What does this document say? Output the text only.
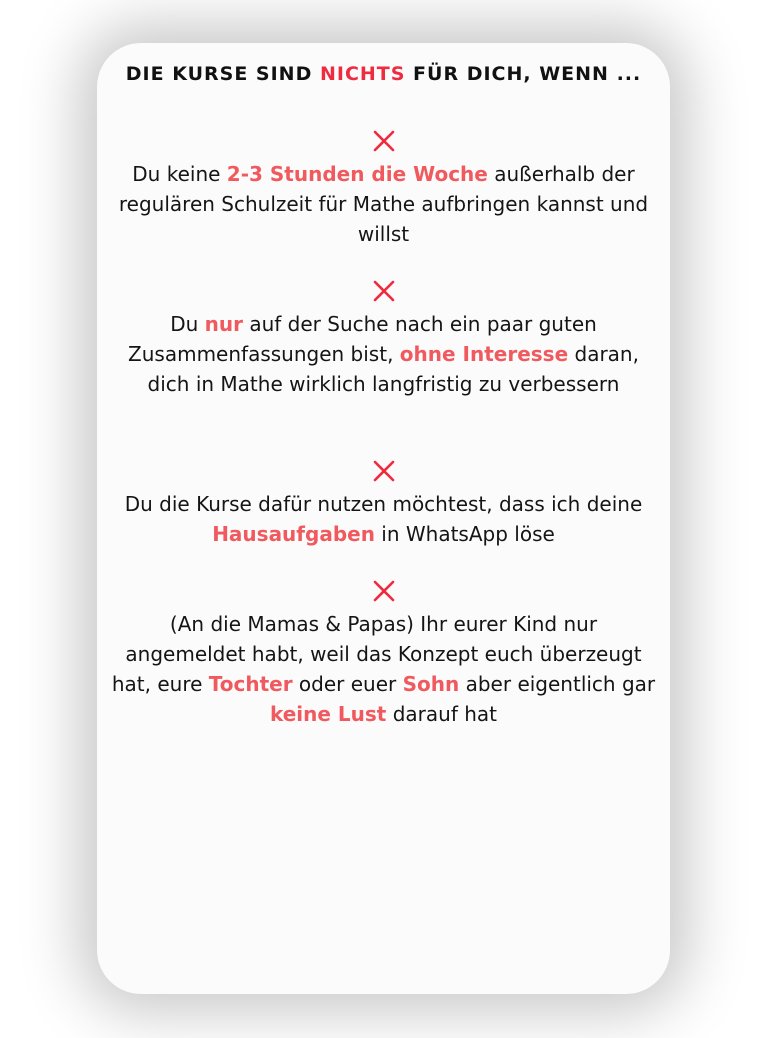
DIE KURSE SIND NICHTS FÜR DICH, WENN ...
Du keine 2-3 Stunden die Woche außerhalb der regulären Schulzeit für Mathe aufbringen kannst und willst
Du nur auf der Suche nach ein paar guten Zusammenfassungen bist, ohne Interesse daran, dich in Mathe wirklich langfristig zu verbessern
Du die Kurse dafür nutzen möchtest, dass ich deine Hausaufgaben in WhatsApp löse
(An die Mamas & Papas) Ihr eurer Kind nur angemeldet habt, weil das Konzept euch überzeugt hat, eure Tochter oder euer Sohn aber eigentlich gar keine Lust darauf hat
